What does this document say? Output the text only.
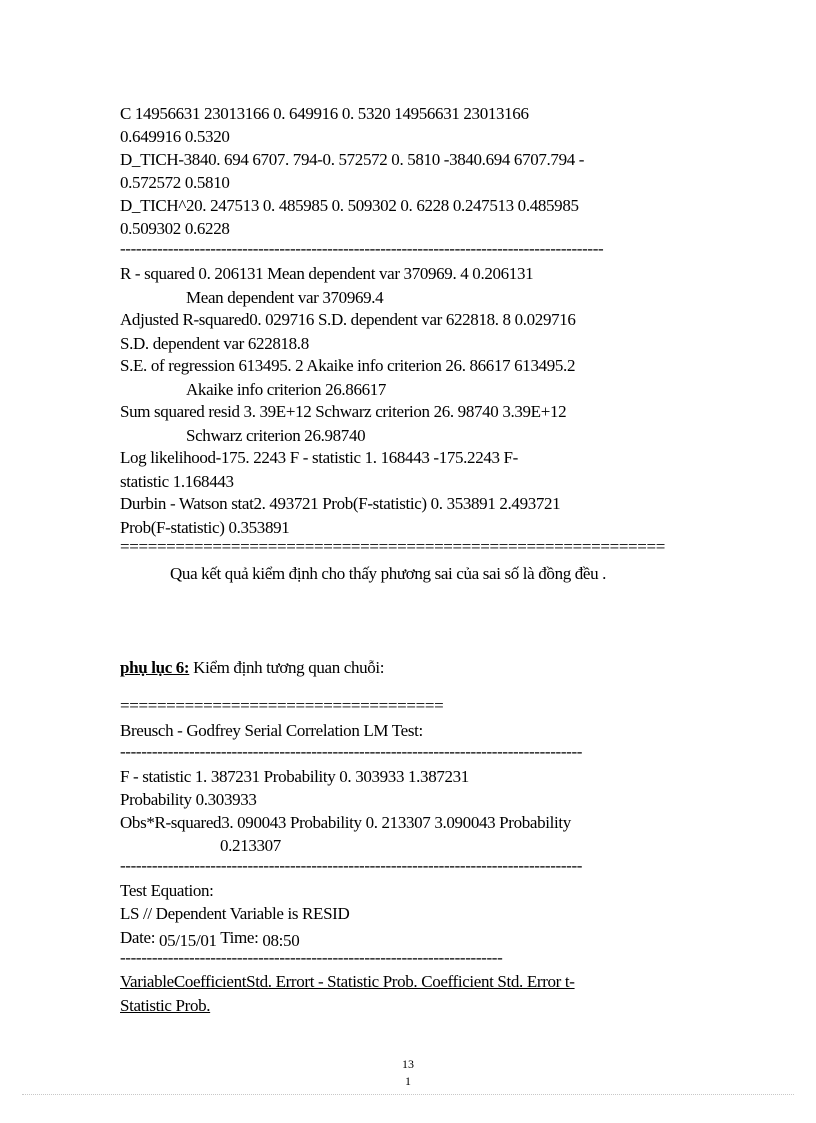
C 14956631 23013166 0. 649916 0. 5320 14956631 23013166
0.649916 0.5320
D_TICH-3840. 694 6707. 794-0. 572572 0. 5810 -3840.694 6707.794 -
0.572572 0.5810
D_TICH^20. 247513 0. 485985 0. 509302 0. 6228 0.247513 0.485985
0.509302 0.6228
-------------------------------------------------------------------------------------------
R - squared 0. 206131 Mean dependent var 370969. 4 0.206131
Mean dependent var 370969.4
Adjusted R-squared0. 029716 S.D. dependent var 622818. 8 0.029716
S.D. dependent var 622818.8
S.E. of regression 613495. 2 Akaike info criterion 26. 86617 613495.2
Akaike info criterion 26.86617
Sum squared resid 3. 39E+12 Schwarz criterion 26. 98740 3.39E+12
Schwarz criterion 26.98740
Log likelihood-175. 2243 F - statistic 1. 168443 -175.2243 F-
statistic 1.168443
Durbin - Watson stat2. 493721 Prob(F-statistic) 0. 353891 2.493721
Prob(F-statistic) 0.353891
===========================================================
Qua kết quả kiểm định cho thấy phương sai của sai số là đồng đều .
phụ lục 6: Kiểm định tương quan chuỗi:
===================================
Breusch - Godfrey Serial Correlation LM Test:
---------------------------------------------------------------------------------------
F - statistic 1. 387231 Probability 0. 303933 1.387231
Probability 0.303933
Obs*R-squared3. 090043 Probability 0. 213307 3.090043 Probability
0.213307
---------------------------------------------------------------------------------------
Test Equation:
LS // Dependent Variable is RESID
Date: 05/15/01 Time: 08:50
------------------------------------------------------------------------
VariableCoefficientStd. Errort - Statistic Prob. Coefficient Std. Error t-
Statistic Prob.
13
1
